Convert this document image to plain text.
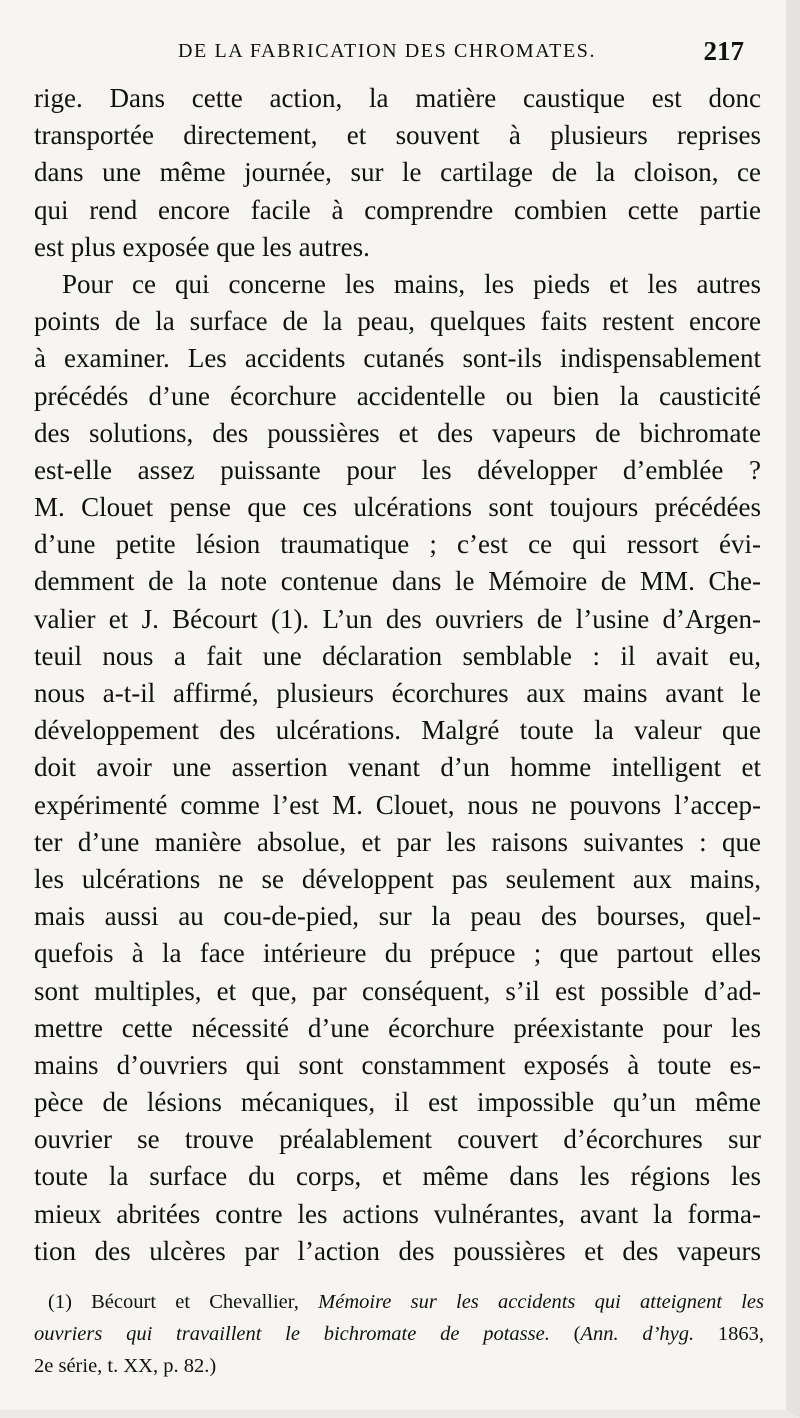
DE LA FABRICATION DES CHROMATES.	217
rige. Dans cette action, la matière caustique est donc
transportée directement, et souvent à plusieurs reprises
dans une même journée, sur le cartilage de la cloison, ce
qui rend encore facile à comprendre combien cette partie
est plus exposée que les autres.
Pour ce qui concerne les mains, les pieds et les autres
points de la surface de la peau, quelques faits restent encore
à examiner. Les accidents cutanés sont-ils indispensablement
précédés d’une écorchure accidentelle ou bien la causticité
des solutions, des poussières et des vapeurs de bichromate
est-elle assez puissante pour les développer d’emblée ?
M. Clouet pense que ces ulcérations sont toujours précédées
d’une petite lésion traumatique ; c’est ce qui ressort évi-
demment de la note contenue dans le Mémoire de MM. Che-
valier et J. Bécourt (1). L’un des ouvriers de l’usine d’Argen-
teuil nous a fait une déclaration semblable : il avait eu,
nous a-t-il affirmé, plusieurs écorchures aux mains avant le
développement des ulcérations. Malgré toute la valeur que
doit avoir une assertion venant d’un homme intelligent et
expérimenté comme l’est M. Clouet, nous ne pouvons l’accep-
ter d’une manière absolue, et par les raisons suivantes : que
les ulcérations ne se développent pas seulement aux mains,
mais aussi au cou-de-pied, sur la peau des bourses, quel-
quefois à la face intérieure du prépuce ; que partout elles
sont multiples, et que, par conséquent, s’il est possible d’ad-
mettre cette nécessité d’une écorchure préexistante pour les
mains d’ouvriers qui sont constamment exposés à toute es-
pèce de lésions mécaniques, il est impossible qu’un même
ouvrier se trouve préalablement couvert d’écorchures sur
toute la surface du corps, et même dans les régions les
mieux abritées contre les actions vulnérantes, avant la forma-
tion des ulcères par l’action des poussières et des vapeurs
(1) Bécourt et Chevallier, Mémoire sur les accidents qui atteignent les
ouvriers qui travaillent le bichromate de potasse. (Ann. d’hyg. 1863,
2e série, t. XX, p. 82.)
